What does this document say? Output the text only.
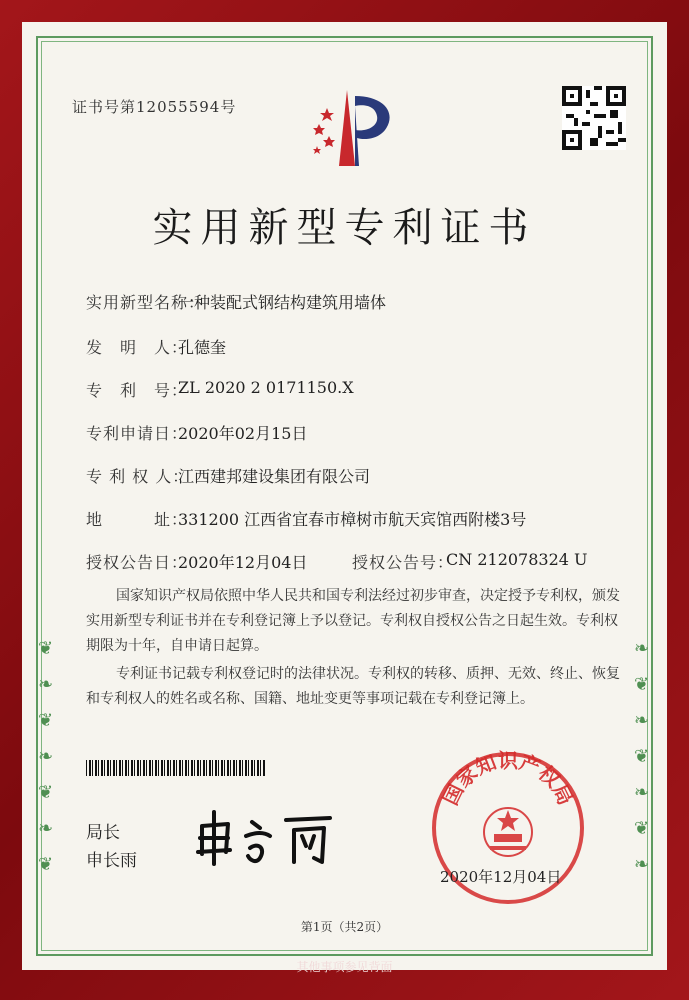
❦

❧

❦

❧

❦

❧

❦
❧

❦

❧

❦

❧

❦

❧
证书号第12055594号
实用新型专利证书
实用新型名称：
一种装配式钢结构建筑用墙体
发　明　人：
孔德奎
专　利　号：
ZL 2020 2 0171150.X
专利申请日：
2020年02月15日
专 利 权 人：
江西建邦建设集团有限公司
地　　　址：
331200 江西省宜春市樟树市航天宾馆西附楼3号
授权公告日：
2020年12月04日	授权公告号：
CN 212078324 U
国家知识产权局依照中华人民共和国专利法经过初步审查，决定授予专利权，颁发实用新型专利证书并在专利登记簿上予以登记。专利权自授权公告之日起生效。专利权期限为十年，自申请日起算。
专利证书记载专利权登记时的法律状况。专利权的转移、质押、无效、终止、恢复和专利权人的姓名或名称、国籍、地址变更等事项记载在专利登记簿上。
局长
申长雨
国家知识产权局
2020年12月04日
第1页（共2页）
其他事项参见背面
